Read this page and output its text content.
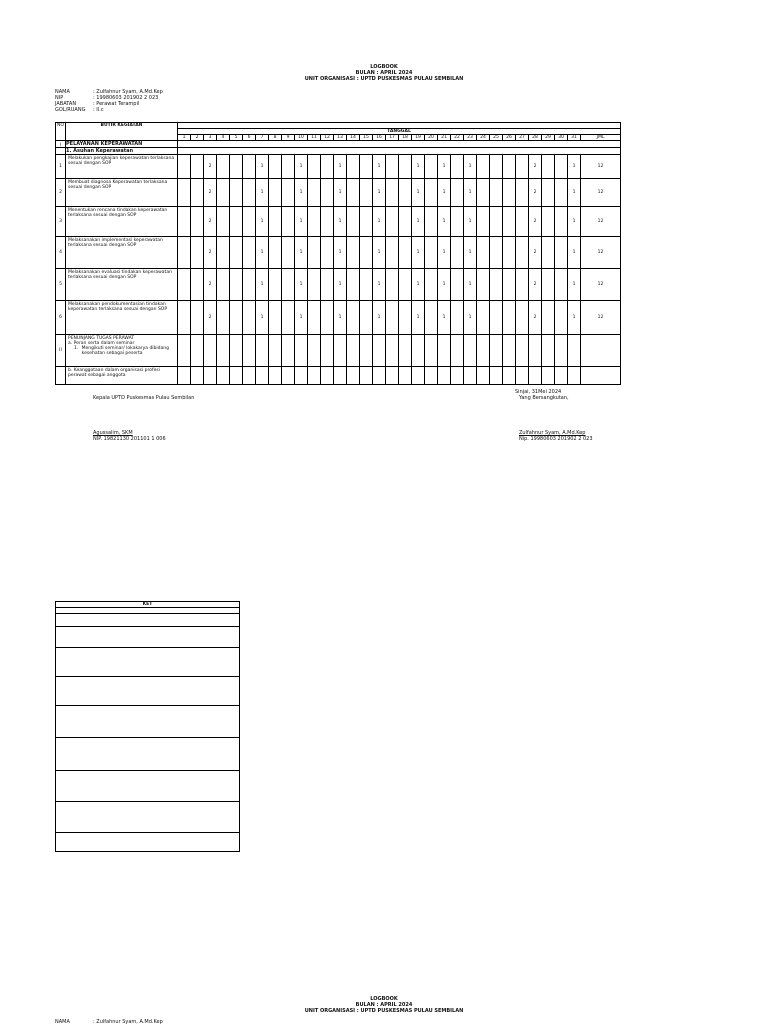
LOGBOOK
BULAN : APRIL 2024
UNIT ORGANISASI : UPTD PUSKESMAS PULAU SEMBILAN
NAMA	: Zulfahnur Syam, A.Md.Kep
NIP	: 19980603 201902 2 023
JABATAN	: Perawat Terampil
GOL/RUANG	: II.c
NO	BUTIR KEGIATAN																																
		TANGGAL																															
		1	2	3	4	5	6	7	8	9	10	11	12	13	14	15	16	17	18	19	20	21	22	23	24	25	26	27	28	29	30	31	JML
I	PELAYANAN KEPERAWATAN																																
	1. Asuhan Keperawatan																																
1	Melakukan pengkajian keperawatan terlaksana sesuai dengan SOP			2				1			1			1			1			1		1		1					2			1	12
2	Membuat diagnosa Keperawatan terlaksana sesuai dengan SOP			2				1			1			1			1			1		1		1					2			1	12
3	Menentukan rencana tindakan keperawatan terlaksana sesuai dengan SOP			2				1			1			1			1			1		1		1					2			1	12
4	Melaksanakan implementasi keperawatan terlaksana sesuai dengan SOP			2				1			1			1			1			1		1		1					2			1	12
5	Melaksanakan evaluasi tindakan keperawatan terlaksana sesuai dengan SOP			2				1			1			1			1			1		1		1					2			1	12
6	Melaksanakan pendokumentasian tindakan keperawatan terlaksana sesuai dengan SOP			2				1			1			1			1			1		1		1					2			1	12
II	PENUNJANG TUGAS PERAWAT
a. Peran serta dalam seminar
1. Mengikuti seminar/ lokakarya dibidang kesehatan sebagai peserta																																

	b. Keanggotaan dalam organisasi profesi perawat sebagai anggota																																

Sinjai, 31Mei 2024
Kepala UPTD Puskesmas Pulau Sembilan	Yang Bersangkutan,
Agussalim, SKM
NIP. 19821130 201101 1 006
Zulfahnur Syam, A.Md.Kep
Nip. 19980603 201902 2 023
KET

LOGBOOK
BULAN : APRIL 2024
UNIT ORGANISASI : UPTD PUSKESMAS PULAU SEMBILAN
NAMA	: Zulfahnur Syam, A.Md.Kep
